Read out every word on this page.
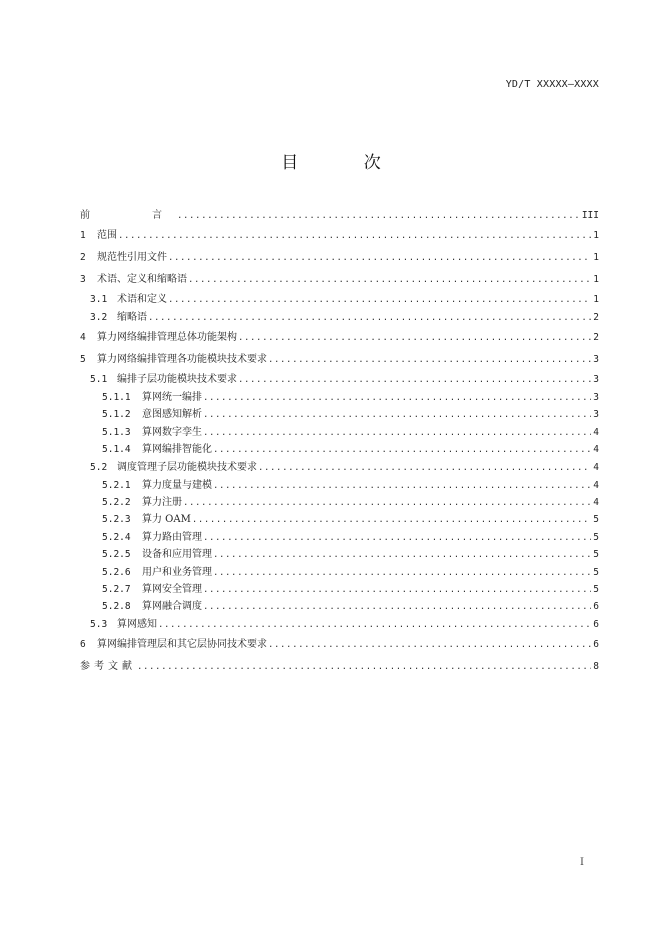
YD/T XXXXX—XXXX
目 次
前　　言 .....	III
1	范围 .....	1
2	规范性引用文件 .....	1
3	术语、定义和缩略语 .....	1
3.1 术语和定义 .....	1
3.2 缩略语 .....	2
4	算力网络编排管理总体功能架构 .....	2
5	算力网络编排管理各功能模块技术要求 .....	3
5.1 编排子层功能模块技术要求 .....	3
5.1.1	算网统一编排 .....	3
5.1.2	意图感知解析 .....	3
5.1.3	算网数字孪生 .....	4
5.1.4	算网编排智能化 .....	4
5.2 调度管理子层功能模块技术要求 .....	4
5.2.1	算力度量与建模 .....	4
5.2.2	算力注册 .....	4
5.2.3	算力 OAM .....	5
5.2.4	算力路由管理 .....	5
5.2.5	设备和应用管理 .....	5
5.2.6	用户和业务管理 .....	5
5.2.7	算网安全管理 .....	5
5.2.8	算网融合调度 .....	6
5.3 算网感知 .....	6
6	算网编排管理层和其它层协同技术要求 .....	6
参考文献 .....	8
I
